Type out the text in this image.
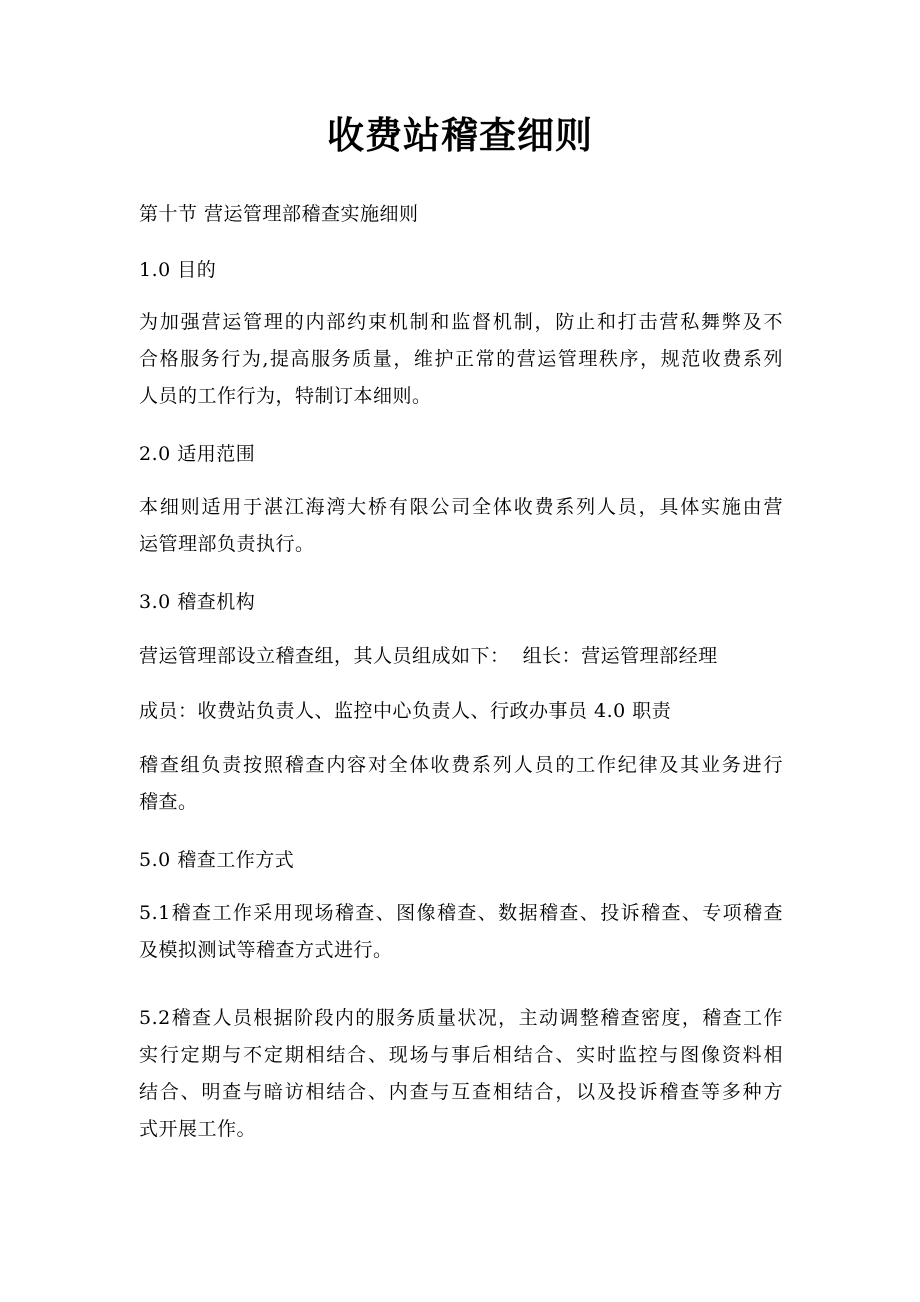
收费站稽查细则

第十节 营运管理部稽查实施细则

1.0 目的

为加强营运管理的内部约束机制和监督机制，防止和打击营私舞弊及不
合格服务行为,提高服务质量，维护正常的营运管理秩序，规范收费系列
人员的工作行为，特制订本细则。

2.0 适用范围

本细则适用于湛江海湾大桥有限公司全体收费系列人员，具体实施由营
运管理部负责执行。

3.0 稽查机构

营运管理部设立稽查组，其人员组成如下：  组长：营运管理部经理

成员：收费站负责人、监控中心负责人、行政办事员 4.0 职责

稽查组负责按照稽查内容对全体收费系列人员的工作纪律及其业务进行
稽查。

5.0 稽查工作方式

5.1稽查工作采用现场稽查、图像稽查、数据稽查、投诉稽查、专项稽查
及模拟测试等稽查方式进行。

5.2稽查人员根据阶段内的服务质量状况，主动调整稽查密度，稽查工作
实行定期与不定期相结合、现场与事后相结合、实时监控与图像资料相
结合、明查与暗访相结合、内查与互查相结合，以及投诉稽查等多种方
式开展工作。
